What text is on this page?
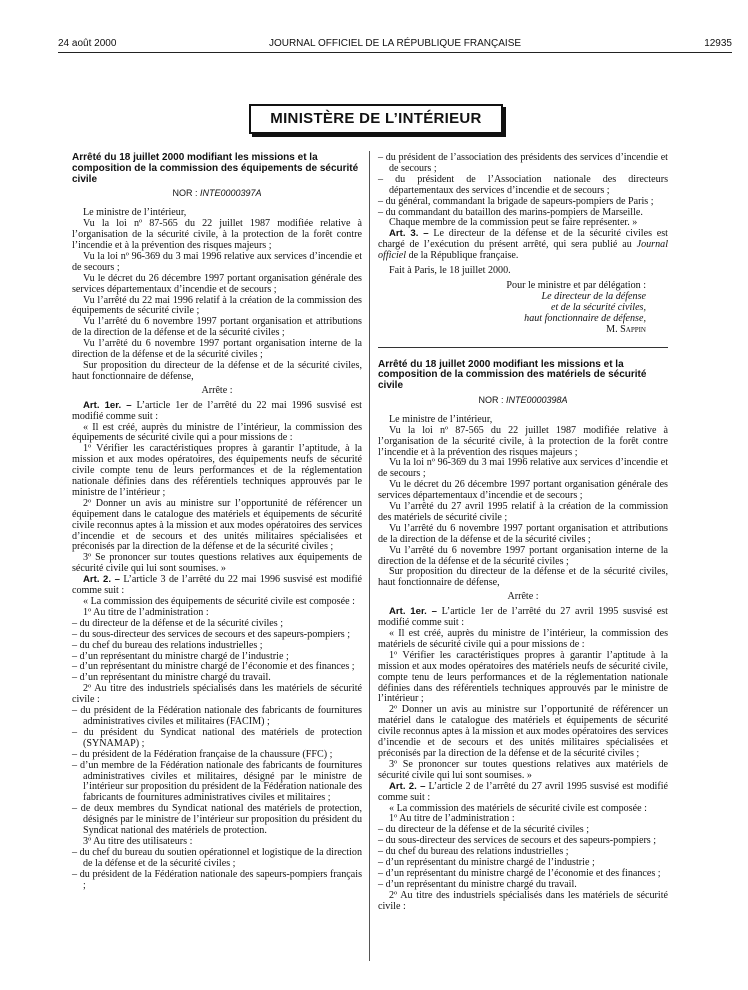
24 août 2000	JOURNAL OFFICIEL DE LA RÉPUBLIQUE FRANÇAISE	12935
MINISTÈRE DE L’INTÉRIEUR
Arrêté du 18 juillet 2000 modifiant les missions et la composition de la commission des équipements de sécurité civile
NOR : INTE0000397A

Le ministre de l’intérieur,

Vu la loi nº 87-565 du 22 juillet 1987 modifiée relative à l’organisation de la sécurité civile, à la protection de la forêt contre l’incendie et à la prévention des risques majeurs ;

Vu la loi nº 96-369 du 3 mai 1996 relative aux services d’incendie et de secours ;

Vu le décret du 26 décembre 1997 portant organisation générale des services départementaux d’incendie et de secours ;

Vu l’arrêté du 22 mai 1996 relatif à la création de la commission des équipements de sécurité civile ;

Vu l’arrêté du 6 novembre 1997 portant organisation et attributions de la direction de la défense et de la sécurité civiles ;

Vu l’arrêté du 6 novembre 1997 portant organisation interne de la direction de la défense et de la sécurité civiles ;

Sur proposition du directeur de la défense et de la sécurité civiles, haut fonctionnaire de défense,

Arrête :

Art. 1er. – L’article 1er de l’arrêté du 22 mai 1996 susvisé est modifié comme suit :

« Il est créé, auprès du ministre de l’intérieur, la commission des équipements de sécurité civile qui a pour missions de :

1º Vérifier les caractéristiques propres à garantir l’aptitude, à la mission et aux modes opératoires, des équipements neufs de sécurité civile compte tenu de leurs performances et de la réglementation nationale définies dans des référentiels techniques approuvés par le ministre de l’intérieur ;

2º Donner un avis au ministre sur l’opportunité de référencer un équipement dans le catalogue des matériels et équipements de sécurité civile reconnus aptes à la mission et aux modes opératoires des services d’incendie et de secours et des unités militaires spécialisées et préconisés par la direction de la défense et de la sécurité civiles ;

3º Se prononcer sur toutes questions relatives aux équipements de sécurité civile qui lui sont soumises. »

Art. 2. – L’article 3 de l’arrêté du 22 mai 1996 susvisé est modifié comme suit :

« La commission des équipements de sécurité civile est composée :

1º Au titre de l’administration :

– du directeur de la défense et de la sécurité civiles ;

– du sous-directeur des services de secours et des sapeurs-pompiers ;

– du chef du bureau des relations industrielles ;

– d’un représentant du ministre chargé de l’industrie ;

– d’un représentant du ministre chargé de l’économie et des finances ;

– d’un représentant du ministre chargé du travail.

2º Au titre des industriels spécialisés dans les matériels de sécurité civile :

– du président de la Fédération nationale des fabricants de fournitures administratives civiles et militaires (FACIM) ;

– du président du Syndicat national des matériels de protection (SYNAMAP) ;

– du président de la Fédération française de la chaussure (FFC) ;

– d’un membre de la Fédération nationale des fabricants de fournitures administratives civiles et militaires, désigné par le ministre de l’intérieur sur proposition du président de la Fédération nationale des fabricants de fournitures administratives civiles et militaires ;

– de deux membres du Syndicat national des matériels de protection, désignés par le ministre de l’intérieur sur proposition du président du Syndicat national des matériels de protection.

3º Au titre des utilisateurs :

– du chef du bureau du soutien opérationnel et logistique de la direction de la défense et de la sécurité civiles ;

– du président de la Fédération nationale des sapeurs-pompiers français ;

– du président de l’association des présidents des services d’incendie et de secours ;

– du président de l’Association nationale des directeurs départementaux des services d’incendie et de secours ;

– du général, commandant la brigade de sapeurs-pompiers de Paris ;

– du commandant du bataillon des marins-pompiers de Marseille.

Chaque membre de la commission peut se faire représenter. »

Art. 3. – Le directeur de la défense et de la sécurité civiles est chargé de l’exécution du présent arrêté, qui sera publié au Journal officiel de la République française.

Fait à Paris, le 18 juillet 2000.

Pour le ministre et par délégation :

Le directeur de la défense

et de la sécurité civiles,

haut fonctionnaire de défense,

M. Sappin

Arrêté du 18 juillet 2000 modifiant les missions et la composition de la commission des matériels de sécurité civile
NOR : INTE0000398A

Le ministre de l’intérieur,

Vu la loi nº 87-565 du 22 juillet 1987 modifiée relative à l’organisation de la sécurité civile, à la protection de la forêt contre l’incendie et à la prévention des risques majeurs ;

Vu la loi nº 96-369 du 3 mai 1996 relative aux services d’incendie et de secours ;

Vu le décret du 26 décembre 1997 portant organisation générale des services départementaux d’incendie et de secours ;

Vu l’arrêté du 27 avril 1995 relatif à la création de la commission des matériels de sécurité civile ;

Vu l’arrêté du 6 novembre 1997 portant organisation et attributions de la direction de la défense et de la sécurité civiles ;

Vu l’arrêté du 6 novembre 1997 portant organisation interne de la direction de la défense et de la sécurité civiles ;

Sur proposition du directeur de la défense et de la sécurité civiles, haut fonctionnaire de défense,

Arrête :

Art. 1er. – L’article 1er de l’arrêté du 27 avril 1995 susvisé est modifié comme suit :

« Il est créé, auprès du ministre de l’intérieur, la commission des matériels de sécurité civile qui a pour missions de :

1º Vérifier les caractéristiques propres à garantir l’aptitude à la mission et aux modes opératoires des matériels neufs de sécurité civile, compte tenu de leurs performances et de la réglementation nationale définies dans des référentiels techniques approuvés par le ministre de l’intérieur ;

2º Donner un avis au ministre sur l’opportunité de référencer un matériel dans le catalogue des matériels et équipements de sécurité civile reconnus aptes à la mission et aux modes opératoires des services d’incendie et de secours et des unités militaires spécialisées et préconisés par la direction de la défense et de la sécurité civiles ;

3º Se prononcer sur toutes questions relatives aux matériels de sécurité civile qui lui sont soumises. »

Art. 2. – L’article 2 de l’arrêté du 27 avril 1995 susvisé est modifié comme suit :

« La commission des matériels de sécurité civile est composée :

1º Au titre de l’administration :

– du directeur de la défense et de la sécurité civiles ;

– du sous-directeur des services de secours et des sapeurs-pompiers ;

– du chef du bureau des relations industrielles ;

– d’un représentant du ministre chargé de l’industrie ;

– d’un représentant du ministre chargé de l’économie et des finances ;

– d’un représentant du ministre chargé du travail.

2º Au titre des industriels spécialisés dans les matériels de sécurité civile :
